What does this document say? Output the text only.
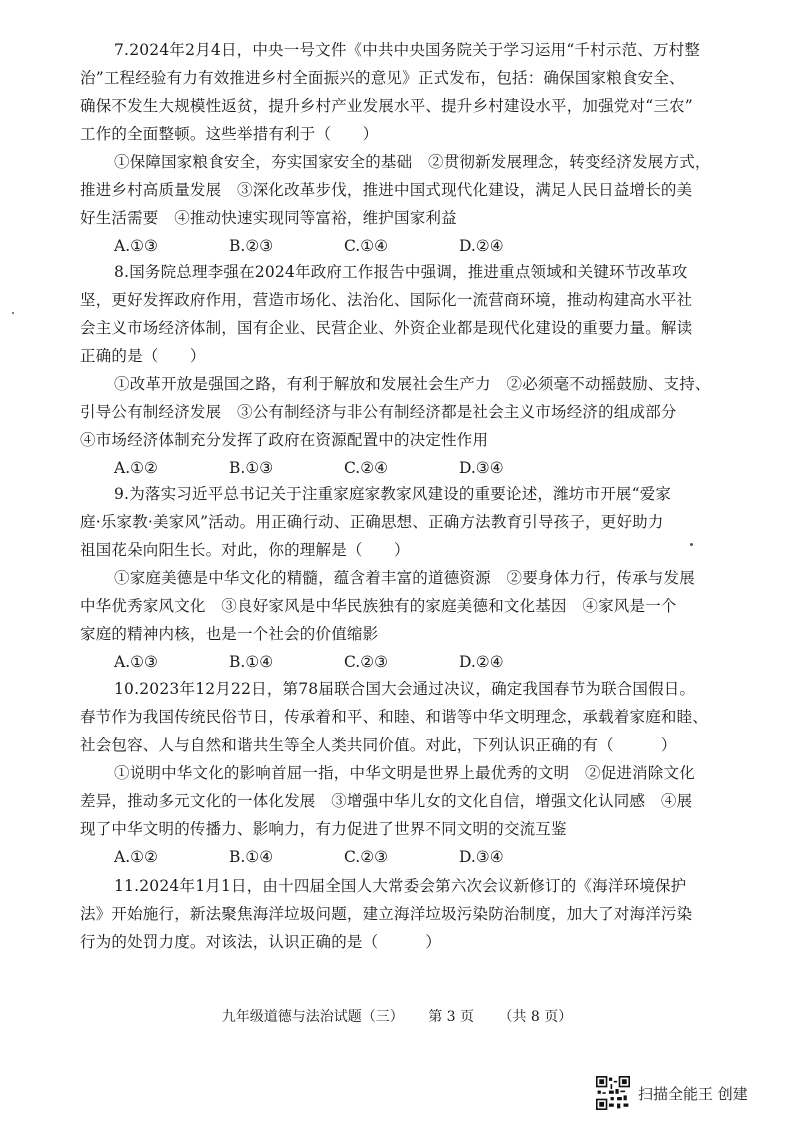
7.2024年2月4日，中央一号文件《中共中央国务院关于学习运用“千村示范、万村整
治”工程经验有力有效推进乡村全面振兴的意见》正式发布，包括：确保国家粮食安全、
确保不发生大规模性返贫，提升乡村产业发展水平、提升乡村建设水平，加强党对“三农”
工作的全面整顿。这些举措有利于（　　）
①保障国家粮食安全，夯实国家安全的基础　②贯彻新发展理念，转变经济发展方式，
推进乡村高质量发展　③深化改革步伐，推进中国式现代化建设，满足人民日益增长的美
好生活需要　④推动快速实现同等富裕，维护国家利益
A.①③	B.②③	C.①④	D.②④
8.国务院总理李强在2024年政府工作报告中强调，推进重点领域和关键环节改革攻
坚，更好发挥政府作用，营造市场化、法治化、国际化一流营商环境，推动构建高水平社
会主义市场经济体制，国有企业、民营企业、外资企业都是现代化建设的重要力量。解读
正确的是（　　）
①改革开放是强国之路，有利于解放和发展社会生产力　②必须毫不动摇鼓励、支持、
引导公有制经济发展　③公有制经济与非公有制经济都是社会主义市场经济的组成部分
④市场经济体制充分发挥了政府在资源配置中的决定性作用
A.①②	B.①③	C.②④	D.③④
9.为落实习近平总书记关于注重家庭家教家风建设的重要论述，潍坊市开展“爱家
庭·乐家教·美家风”活动。用正确行动、正确思想、正确方法教育引导孩子，更好助力
祖国花朵向阳生长。对此，你的理解是（　　）
①家庭美德是中华文化的精髓，蕴含着丰富的道德资源　②要身体力行，传承与发展
中华优秀家风文化　③良好家风是中华民族独有的家庭美德和文化基因　④家风是一个
家庭的精神内核，也是一个社会的价值缩影
A.①③	B.①④	C.②③	D.②④
10.2023年12月22日，第78届联合国大会通过决议，确定我国春节为联合国假日。
春节作为我国传统民俗节日，传承着和平、和睦、和谐等中华文明理念，承载着家庭和睦、
社会包容、人与自然和谐共生等全人类共同价值。对此，下列认识正确的有（　　　）
①说明中华文化的影响首屈一指，中华文明是世界上最优秀的文明　②促进消除文化
差异，推动多元文化的一体化发展　③增强中华儿女的文化自信，增强文化认同感　④展
现了中华文明的传播力、影响力，有力促进了世界不同文明的交流互鉴
A.①②	B.①④	C.②③	D.③④
11.2024年1月1日，由十四届全国人大常委会第六次会议新修订的《海洋环境保护
法》开始施行，新法聚焦海洋垃圾问题，建立海洋垃圾污染防治制度，加大了对海洋污染
行为的处罚力度。对该法，认识正确的是（　　　）
九年级道德与法治试题（三） 第 3 页 （共 8 页）
扫描全能王 创建
